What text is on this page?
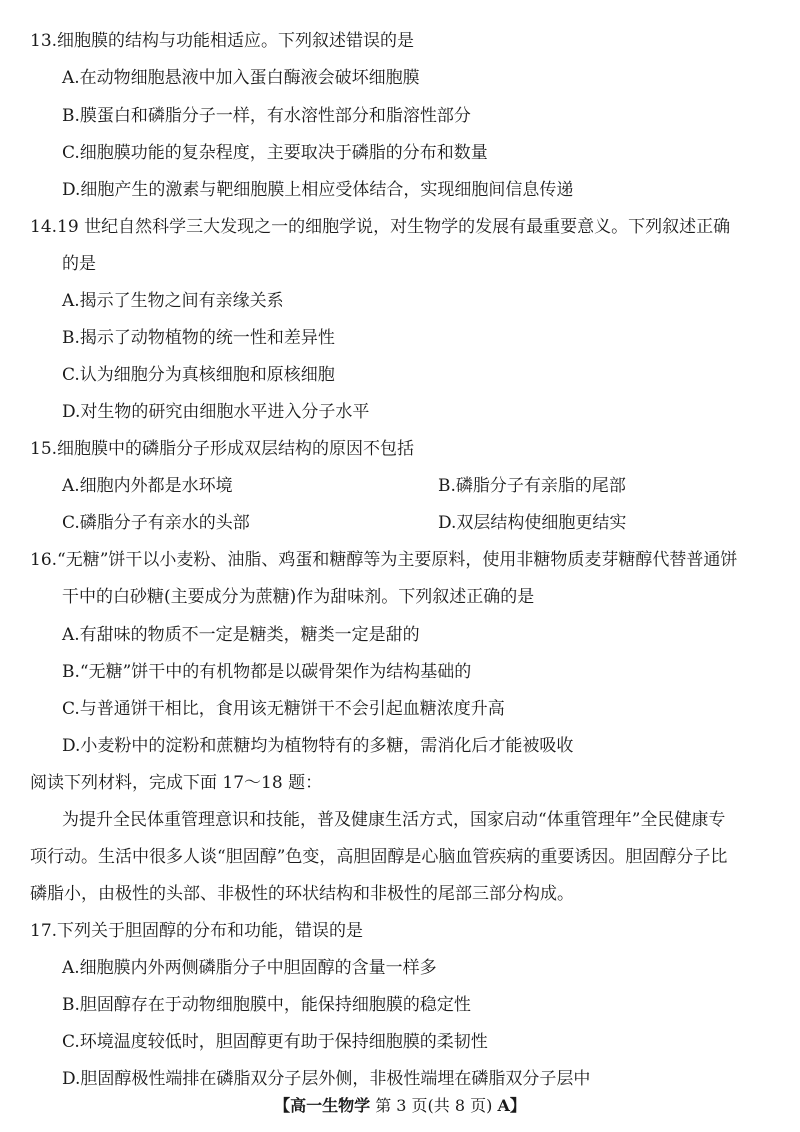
13.细胞膜的结构与功能相适应。下列叙述错误的是
A.在动物细胞悬液中加入蛋白酶液会破坏细胞膜
B.膜蛋白和磷脂分子一样，有水溶性部分和脂溶性部分
C.细胞膜功能的复杂程度，主要取决于磷脂的分布和数量
D.细胞产生的激素与靶细胞膜上相应受体结合，实现细胞间信息传递
14.19 世纪自然科学三大发现之一的细胞学说，对生物学的发展有最重要意义。下列叙述正确
的是
A.揭示了生物之间有亲缘关系
B.揭示了动物植物的统一性和差异性
C.认为细胞分为真核细胞和原核细胞
D.对生物的研究由细胞水平进入分子水平
15.细胞膜中的磷脂分子形成双层结构的原因不包括
A.细胞内外都是水环境	B.磷脂分子有亲脂的尾部
C.磷脂分子有亲水的头部	D.双层结构使细胞更结实
16.“无糖”饼干以小麦粉、油脂、鸡蛋和糖醇等为主要原料，使用非糖物质麦芽糖醇代替普通饼
干中的白砂糖(主要成分为蔗糖)作为甜味剂。下列叙述正确的是
A.有甜味的物质不一定是糖类，糖类一定是甜的
B.“无糖”饼干中的有机物都是以碳骨架作为结构基础的
C.与普通饼干相比，食用该无糖饼干不会引起血糖浓度升高
D.小麦粉中的淀粉和蔗糖均为植物特有的多糖，需消化后才能被吸收
阅读下列材料，完成下面 17～18 题：
为提升全民体重管理意识和技能，普及健康生活方式，国家启动“体重管理年”全民健康专
项行动。生活中很多人谈“胆固醇”色变，高胆固醇是心脑血管疾病的重要诱因。胆固醇分子比
磷脂小，由极性的头部、非极性的环状结构和非极性的尾部三部分构成。
17.下列关于胆固醇的分布和功能，错误的是
A.细胞膜内外两侧磷脂分子中胆固醇的含量一样多
B.胆固醇存在于动物细胞膜中，能保持细胞膜的稳定性
C.环境温度较低时，胆固醇更有助于保持细胞膜的柔韧性
D.胆固醇极性端排在磷脂双分子层外侧，非极性端埋在磷脂双分子层中
【高一生物学 第 3 页(共 8 页) A】
